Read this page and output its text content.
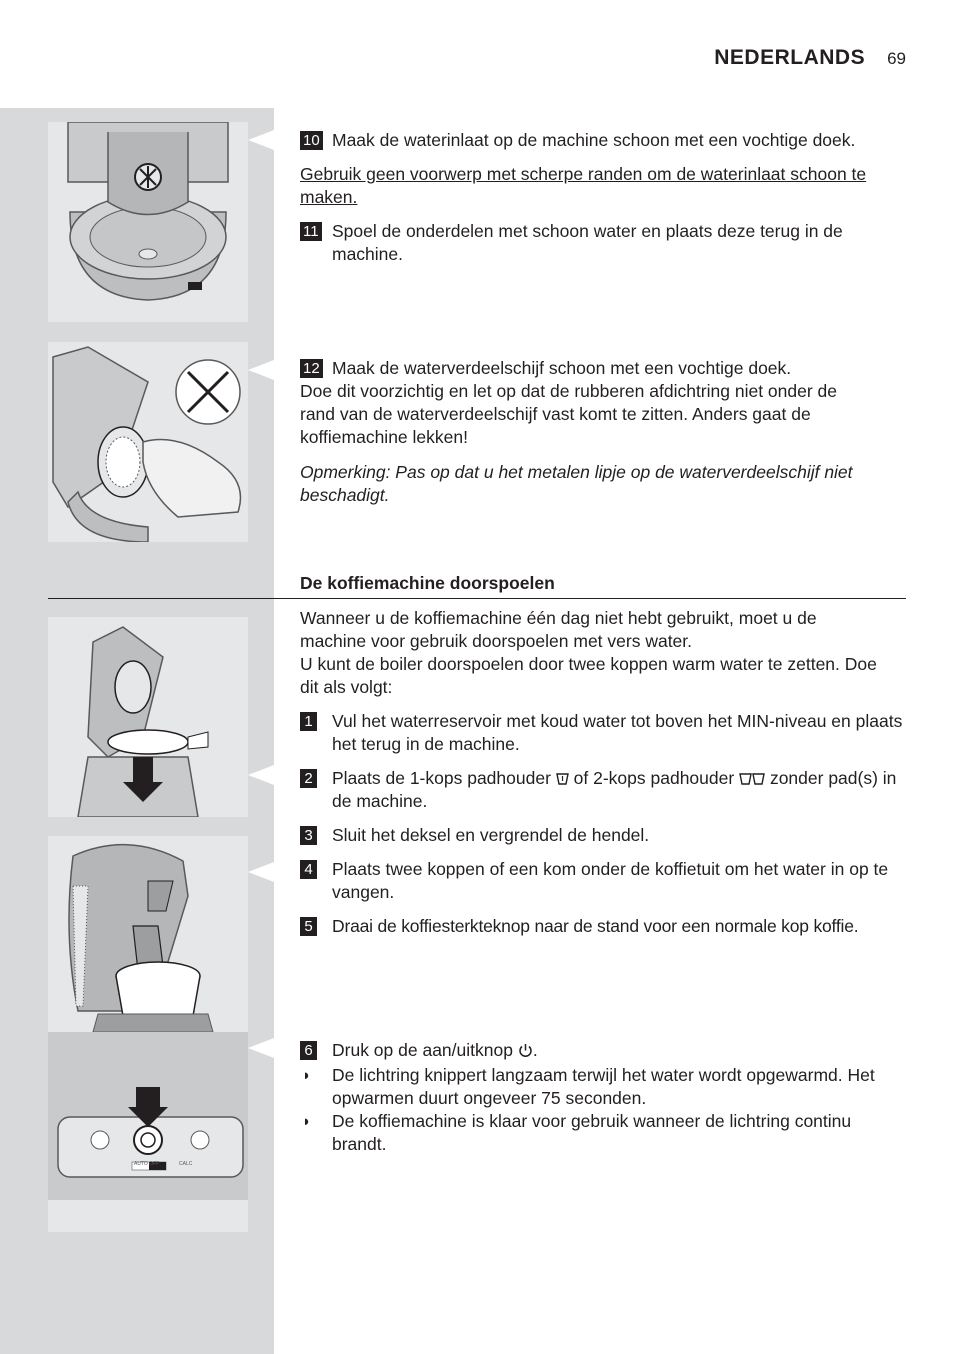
NEDERLANDS 69
AUTO OFF	CALC
10 Maak de waterinlaat op de machine schoon met een vochtige doek.
Gebruik geen voorwerp met scherpe randen om de waterinlaat schoon te maken.
11 Spoel de onderdelen met schoon water en plaats deze terug in de machine.
12 Maak de waterverdeelschijf schoon met een vochtige doek.

Doe dit voorzichtig en let op dat de rubberen afdichtring niet onder de rand van de waterverdeelschijf vast komt te zitten. Anders gaat de koffiemachine lekken!

Opmerking: Pas op dat u het metalen lipje op de waterverdeelschijf niet beschadigt.

De koffiemachine doorspoelen

Wanneer u de koffiemachine één dag niet hebt gebruikt, moet u de machine voor gebruik doorspoelen met vers water.

U kunt de boiler doorspoelen door twee koppen warm water te zetten. Doe dit als volgt:

1 Vul het waterreservoir met koud water tot boven het MIN-niveau en plaats het terug in de machine.
2 Plaats de 1-kops padhouder of 2-kops padhouder zonder pad(s) in de machine.
3 Sluit het deksel en vergrendel de hendel.
4 Plaats twee koppen of een kom onder de koffietuit om het water in op te vangen.
5 Draai de koffiesterkteknop naar de stand voor een normale kop koffie.
6 Druk op de aan/uitknop .
◗ De lichtring knippert langzaam terwijl het water wordt opgewarmd. Het opwarmen duurt ongeveer 75 seconden.
◗ De koffiemachine is klaar voor gebruik wanneer de lichtring continu brandt.
